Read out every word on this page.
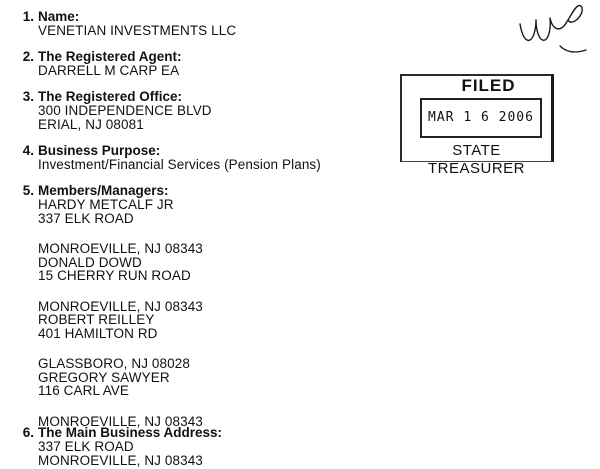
1. Name:
VENETIAN INVESTMENTS LLC
2. The Registered Agent:
DARRELL M CARP EA
3. The Registered Office:
300 INDEPENDENCE BLVD
ERIAL, NJ 08081
4. Business Purpose:
Investment/Financial Services (Pension Plans)
5. Members/Managers:
HARDY METCALF JR
337 ELK ROAD
MONROEVILLE, NJ 08343
DONALD DOWD
15 CHERRY RUN ROAD
MONROEVILLE, NJ 08343
ROBERT REILLEY
401 HAMILTON RD
GLASSBORO, NJ 08028
GREGORY SAWYER
116 CARL AVE
MONROEVILLE, NJ 08343
6. The Main Business Address:
337 ELK ROAD
MONROEVILLE, NJ 08343
FILED
MAR 1 6 2006
STATE TREASURER
